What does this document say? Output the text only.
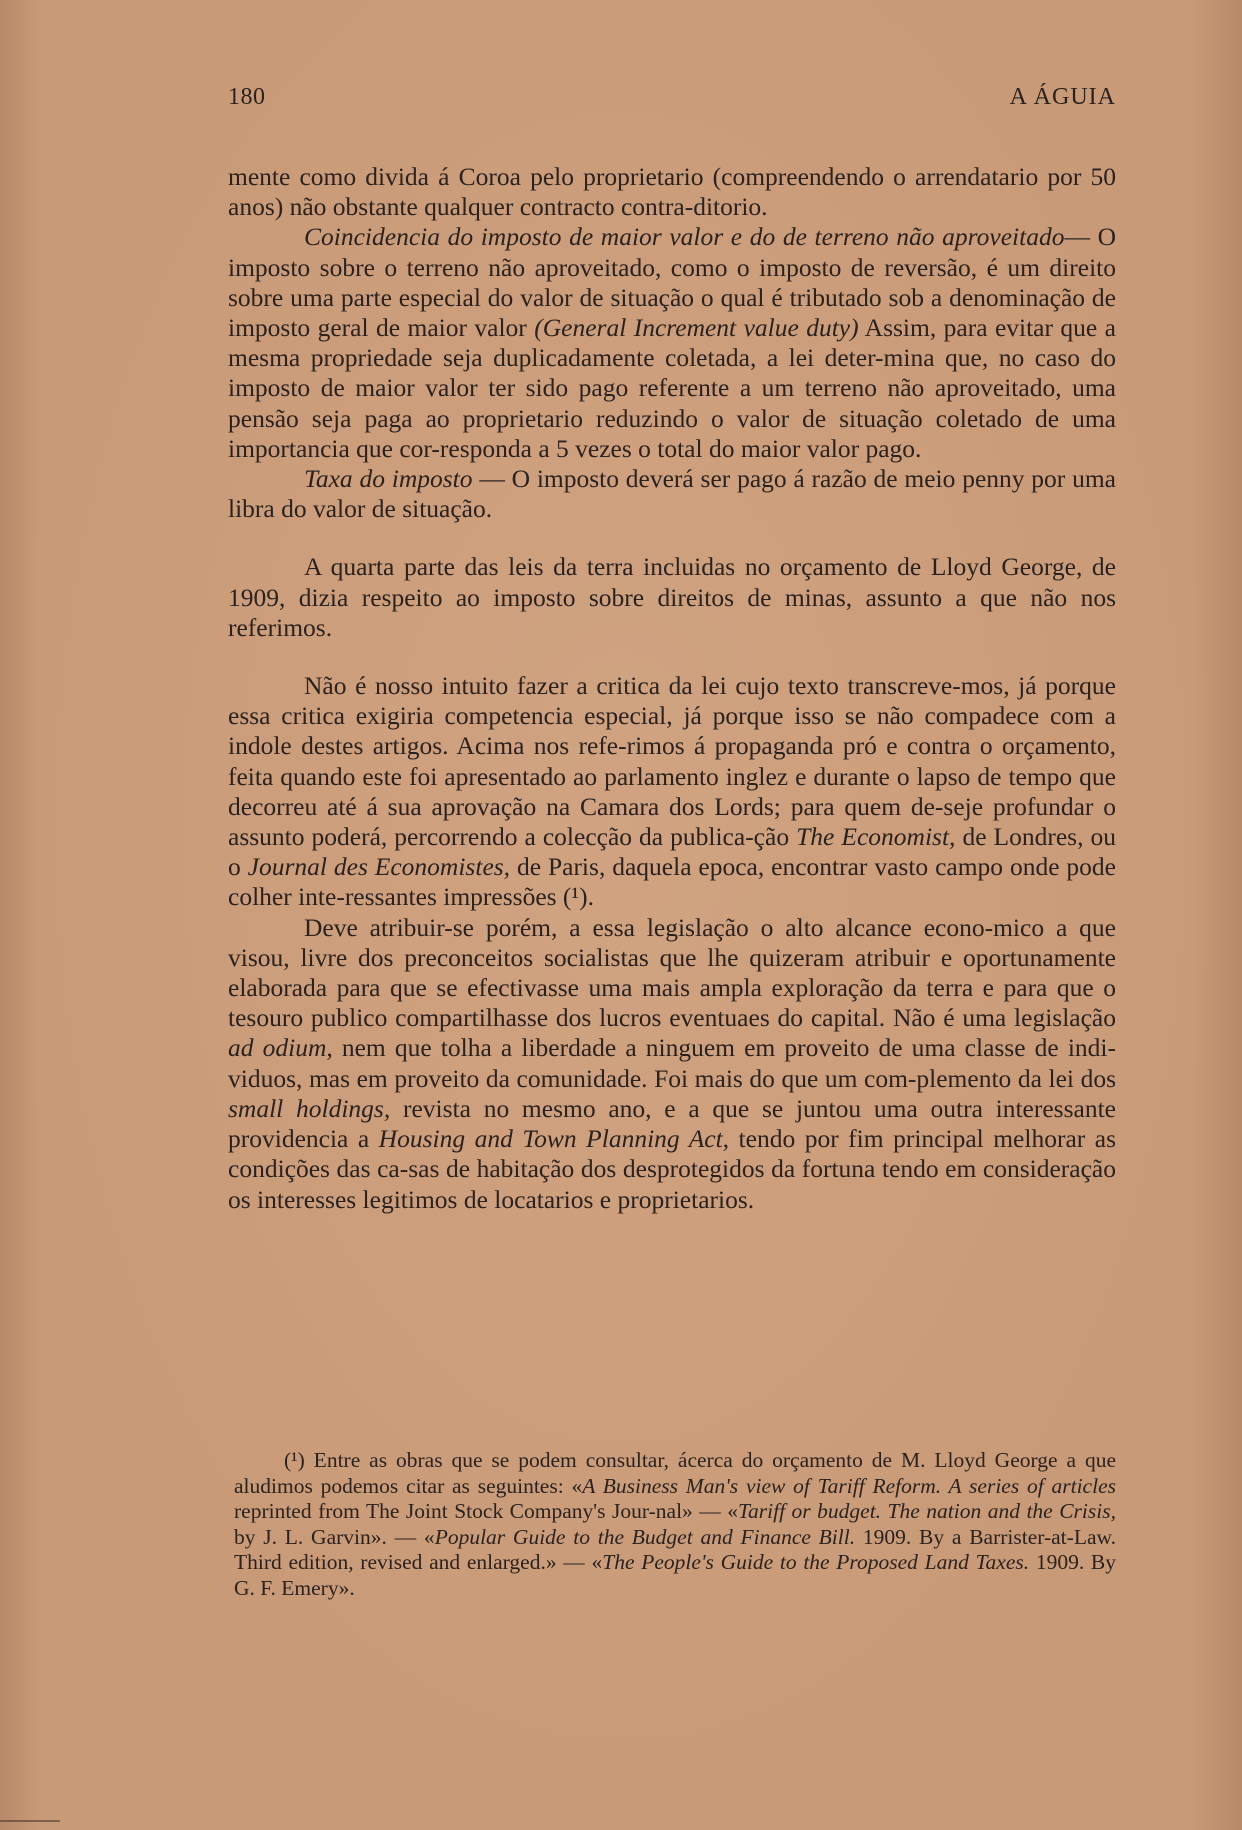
180	A ÁGUIA

mente como divida á Coroa pelo proprietario (compreendendo o arrendatario por 50 anos) não obstante qualquer contracto contra-ditorio.

Coincidencia do imposto de maior valor e do de terreno não aproveitado— O imposto sobre o terreno não aproveitado, como o imposto de reversão, é um direito sobre uma parte especial do valor de situação o qual é tributado sob a denominação de imposto geral de maior valor (General Increment value duty) Assim, para evitar que a mesma propriedade seja duplicadamente coletada, a lei deter-mina que, no caso do imposto de maior valor ter sido pago referente a um terreno não aproveitado, uma pensão seja paga ao proprietario reduzindo o valor de situação coletado de uma importancia que cor-responda a 5 vezes o total do maior valor pago.

Taxa do imposto — O imposto deverá ser pago á razão de meio penny por uma libra do valor de situação.

A quarta parte das leis da terra incluidas no orçamento de Lloyd George, de 1909, dizia respeito ao imposto sobre direitos de minas, assunto a que não nos referimos.

Não é nosso intuito fazer a critica da lei cujo texto transcreve-mos, já porque essa critica exigiria competencia especial, já porque isso se não compadece com a indole destes artigos. Acima nos refe-rimos á propaganda pró e contra o orçamento, feita quando este foi apresentado ao parlamento inglez e durante o lapso de tempo que decorreu até á sua aprovação na Camara dos Lords; para quem de-seje profundar o assunto poderá, percorrendo a colecção da publica-ção The Economist, de Londres, ou o Journal des Economistes, de Paris, daquela epoca, encontrar vasto campo onde pode colher inte-ressantes impressões (¹).

Deve atribuir-se porém, a essa legislação o alto alcance econo-mico a que visou, livre dos preconceitos socialistas que lhe quizeram atribuir e oportunamente elaborada para que se efectivasse uma mais ampla exploração da terra e para que o tesouro publico compartilhasse dos lucros eventuaes do capital. Não é uma legislação ad odium, nem que tolha a liberdade a ninguem em proveito de uma classe de indi-viduos, mas em proveito da comunidade. Foi mais do que um com-plemento da lei dos small holdings, revista no mesmo ano, e a que se juntou uma outra interessante providencia a Housing and Town Planning Act, tendo por fim principal melhorar as condições das ca-sas de habitação dos desprotegidos da fortuna tendo em consideração os interesses legitimos de locatarios e proprietarios.

(¹) Entre as obras que se podem consultar, ácerca do orçamento de M. Lloyd George a que aludimos podemos citar as seguintes: «A Business Man's view of Tariff Reform. A series of articles reprinted from The Joint Stock Company's Jour-nal» — «Tariff or budget. The nation and the Crisis, by J. L. Garvin». — «Popular Guide to the Budget and Finance Bill. 1909. By a Barrister-at-Law. Third edition, revised and enlarged.» — «The People's Guide to the Proposed Land Taxes. 1909. By G. F. Emery».
